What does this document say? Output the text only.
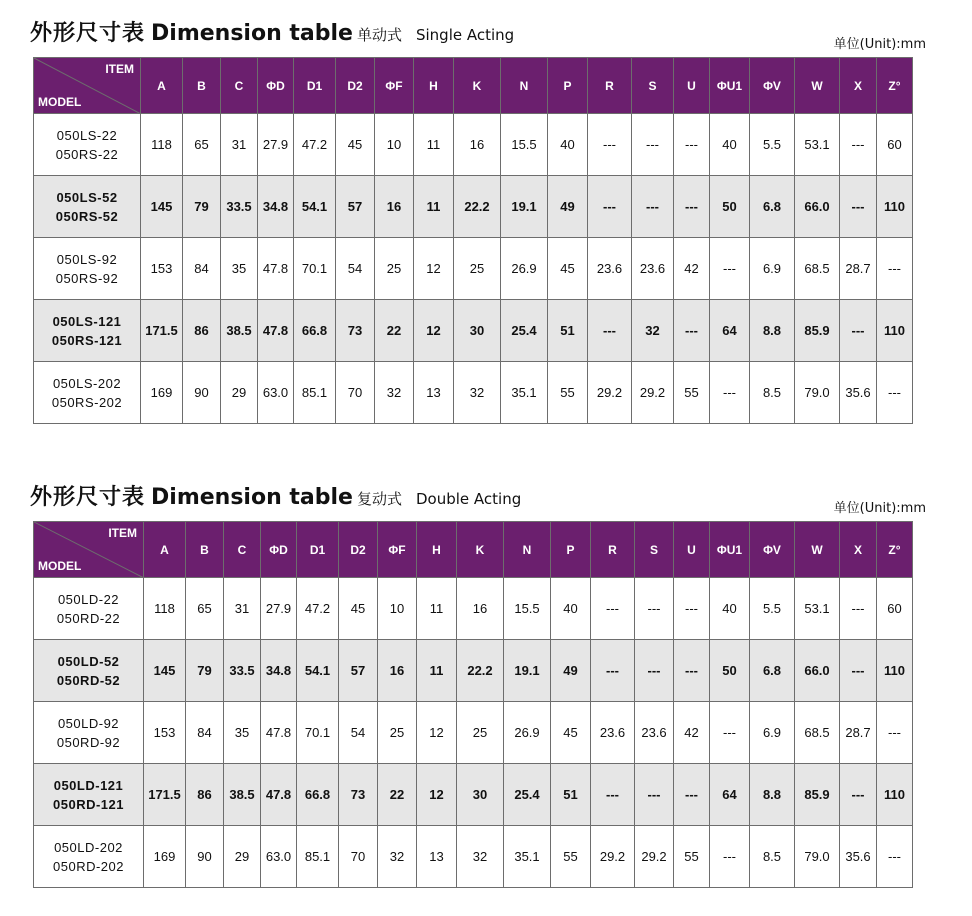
外形尺寸表 Dimension table 单动式 Single Acting
单位(Unit):mm
ITEM
MODEL	A	B	C	ΦD	D1	D2	ΦF	H	K	N	P	R	S	U	ΦU1	ΦV	W	X	Z°

050LS-22
050RS-22	118	65	31	27.9	47.2	45	10	11	16	15.5	40	---	---	---	40	5.5	53.1	---	60

050LS-52
050RS-52	145	79	33.5	34.8	54.1	57	16	11	22.2	19.1	49	---	---	---	50	6.8	66.0	---	110

050LS-92
050RS-92	153	84	35	47.8	70.1	54	25	12	25	26.9	45	23.6	23.6	42	---	6.9	68.5	28.7	---

050LS-121
050RS-121	171.5	86	38.5	47.8	66.8	73	22	12	30	25.4	51	---	32	---	64	8.8	85.9	---	110

050LS-202
050RS-202	169	90	29	63.0	85.1	70	32	13	32	35.1	55	29.2	29.2	55	---	8.5	79.0	35.6	---
外形尺寸表 Dimension table 复动式 Double Acting
单位(Unit):mm
ITEM
MODEL	A	B	C	ΦD	D1	D2	ΦF	H	K	N	P	R	S	U	ΦU1	ΦV	W	X	Z°

050LD-22
050RD-22	118	65	31	27.9	47.2	45	10	11	16	15.5	40	---	---	---	40	5.5	53.1	---	60

050LD-52
050RD-52	145	79	33.5	34.8	54.1	57	16	11	22.2	19.1	49	---	---	---	50	6.8	66.0	---	110

050LD-92
050RD-92	153	84	35	47.8	70.1	54	25	12	25	26.9	45	23.6	23.6	42	---	6.9	68.5	28.7	---

050LD-121
050RD-121	171.5	86	38.5	47.8	66.8	73	22	12	30	25.4	51	---	---	---	64	8.8	85.9	---	110

050LD-202
050RD-202	169	90	29	63.0	85.1	70	32	13	32	35.1	55	29.2	29.2	55	---	8.5	79.0	35.6	---
